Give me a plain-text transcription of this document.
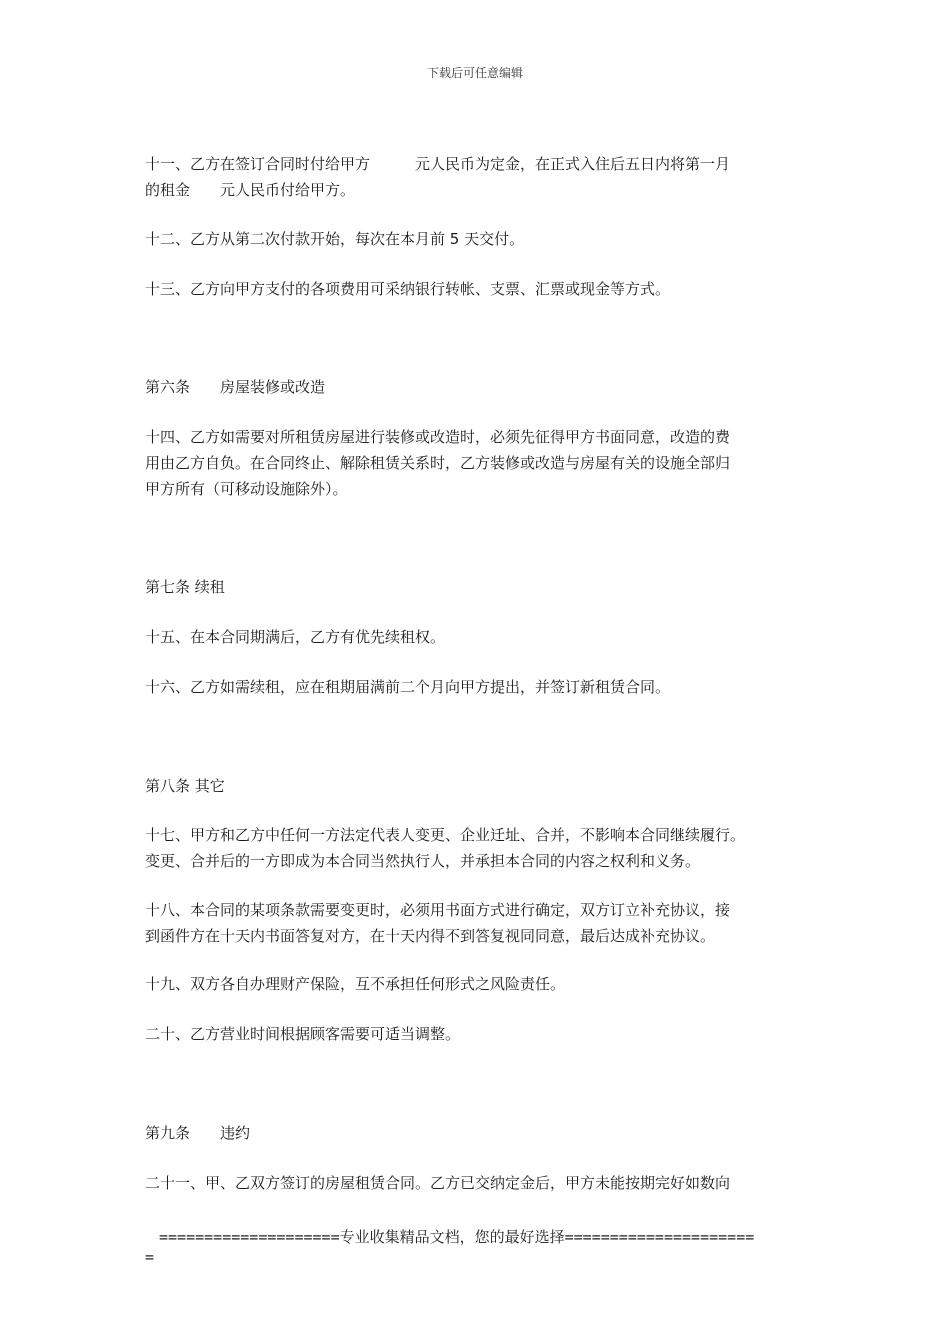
下载后可任意编辑
十一、乙方在签订合同时付给甲方　　　元人民币为定金，在正式入住后五日内将第一月
的租金　　元人民币付给甲方。
十二、乙方从第二次付款开始，每次在本月前 5 天交付。
十三、乙方向甲方支付的各项费用可采纳银行转帐、支票、汇票或现金等方式。
第六条　　房屋装修或改造
十四、乙方如需要对所租赁房屋进行装修或改造时，必须先征得甲方书面同意，改造的费
用由乙方自负。在合同终止、解除租赁关系时，乙方装修或改造与房屋有关的设施全部归
甲方所有（可移动设施除外）。
第七条 续租
十五、在本合同期满后，乙方有优先续租权。
十六、乙方如需续租，应在租期届满前二个月向甲方提出，并签订新租赁合同。
第八条 其它
十七、甲方和乙方中任何一方法定代表人变更、企业迁址、合并，不影响本合同继续履行。
变更、合并后的一方即成为本合同当然执行人，并承担本合同的内容之权利和义务。
十八、本合同的某项条款需要变更时，必须用书面方式进行确定，双方订立补充协议，接
到函件方在十天内书面答复对方，在十天内得不到答复视同同意，最后达成补充协议。
十九、双方各自办理财产保险，互不承担任何形式之风险责任。
二十、乙方营业时间根据顾客需要可适当调整。
第九条　　违约
二十一、甲、乙双方签订的房屋租赁合同。乙方已交纳定金后，甲方未能按期完好如数向
====================专业收集精品文档，您的最好选择=====================
=
